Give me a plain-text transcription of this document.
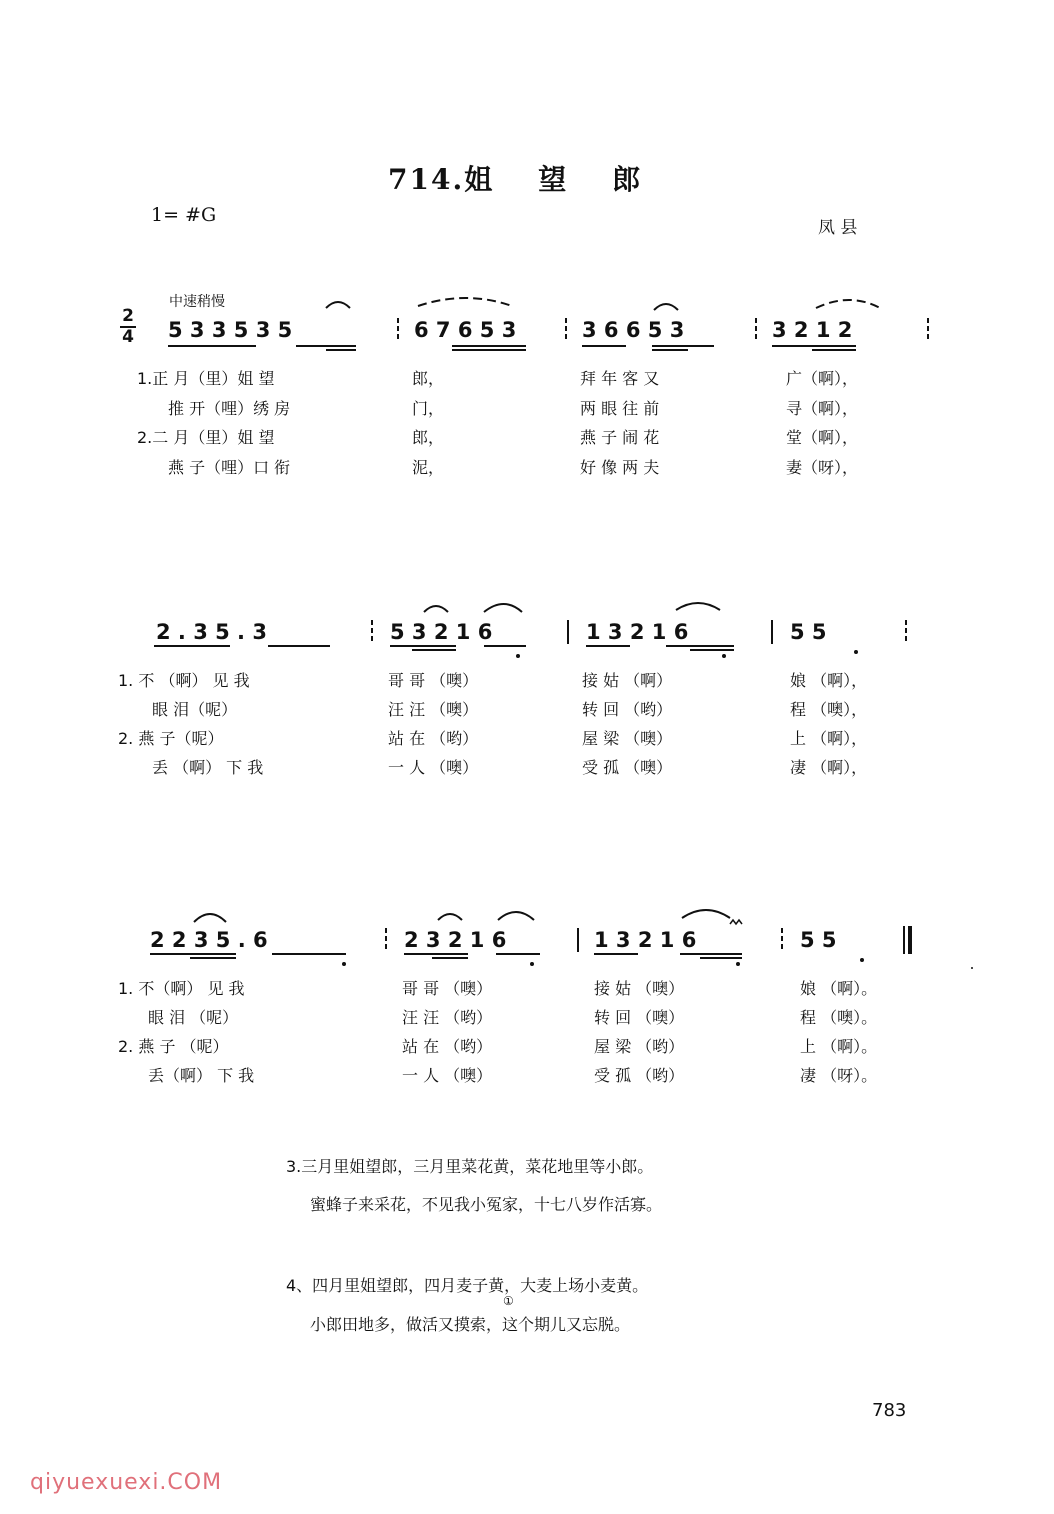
714.姐 望 郎
1= #G
凤 县
中速稍慢
2
4 5 3 3 5 3 5	6 7 6 5 3	3 6 6 5 3	3 2 1 2
1.正 月（里）姐 望	郎，	拜 年 客 又	广（啊），
推 开（哩）绣 房	门，	两 眼 往 前	寻（啊），
2.二 月（里）姐 望	郎，	燕 子 闹 花	堂（啊），
燕 子（哩）口 衔	泥，	好 像 两 夫	妻（呀），
2 . 3 5 . 3	5 3 2 1 6	1 3 2 1 6	5 5
1. 不 （啊） 见 我	哥 哥 （噢）	接 姑 （啊）	娘 （啊），
眼 泪（呢）	汪 汪 （噢）	转 回 （哟）	程 （噢），
2. 燕 子（呢）	站 在 （哟）	屋 梁 （噢）	上 （啊），
丢 （啊） 下 我	一 人 （噢）	受 孤 （噢）	凄 （啊），
2 2 3 5 . 6	2 3 2 1 6	1 3 2 1 6	5 5
1. 不（啊） 见 我	哥 哥 （噢）	接 姑 （噢）	娘 （啊）。
眼 泪 （呢）	汪 汪 （哟）	转 回 （噢）	程 （噢）。
2. 燕 子 （呢）	站 在 （哟）	屋 梁 （哟）	上 （啊）。
丢（啊） 下 我	一 人 （噢）	受 孤 （哟）	凄 （呀）。
3.三月里姐望郎，三月里菜花黄，菜花地里等小郎。
蜜蜂子来采花，不见我小冤家，十七八岁作活寡。
4、四月里姐望郎，四月麦子黄，大麦上场小麦黄。
小郎田地多，做活又摸索，这个期儿又忘脱。
①
783
qiyuexuexi.COM
